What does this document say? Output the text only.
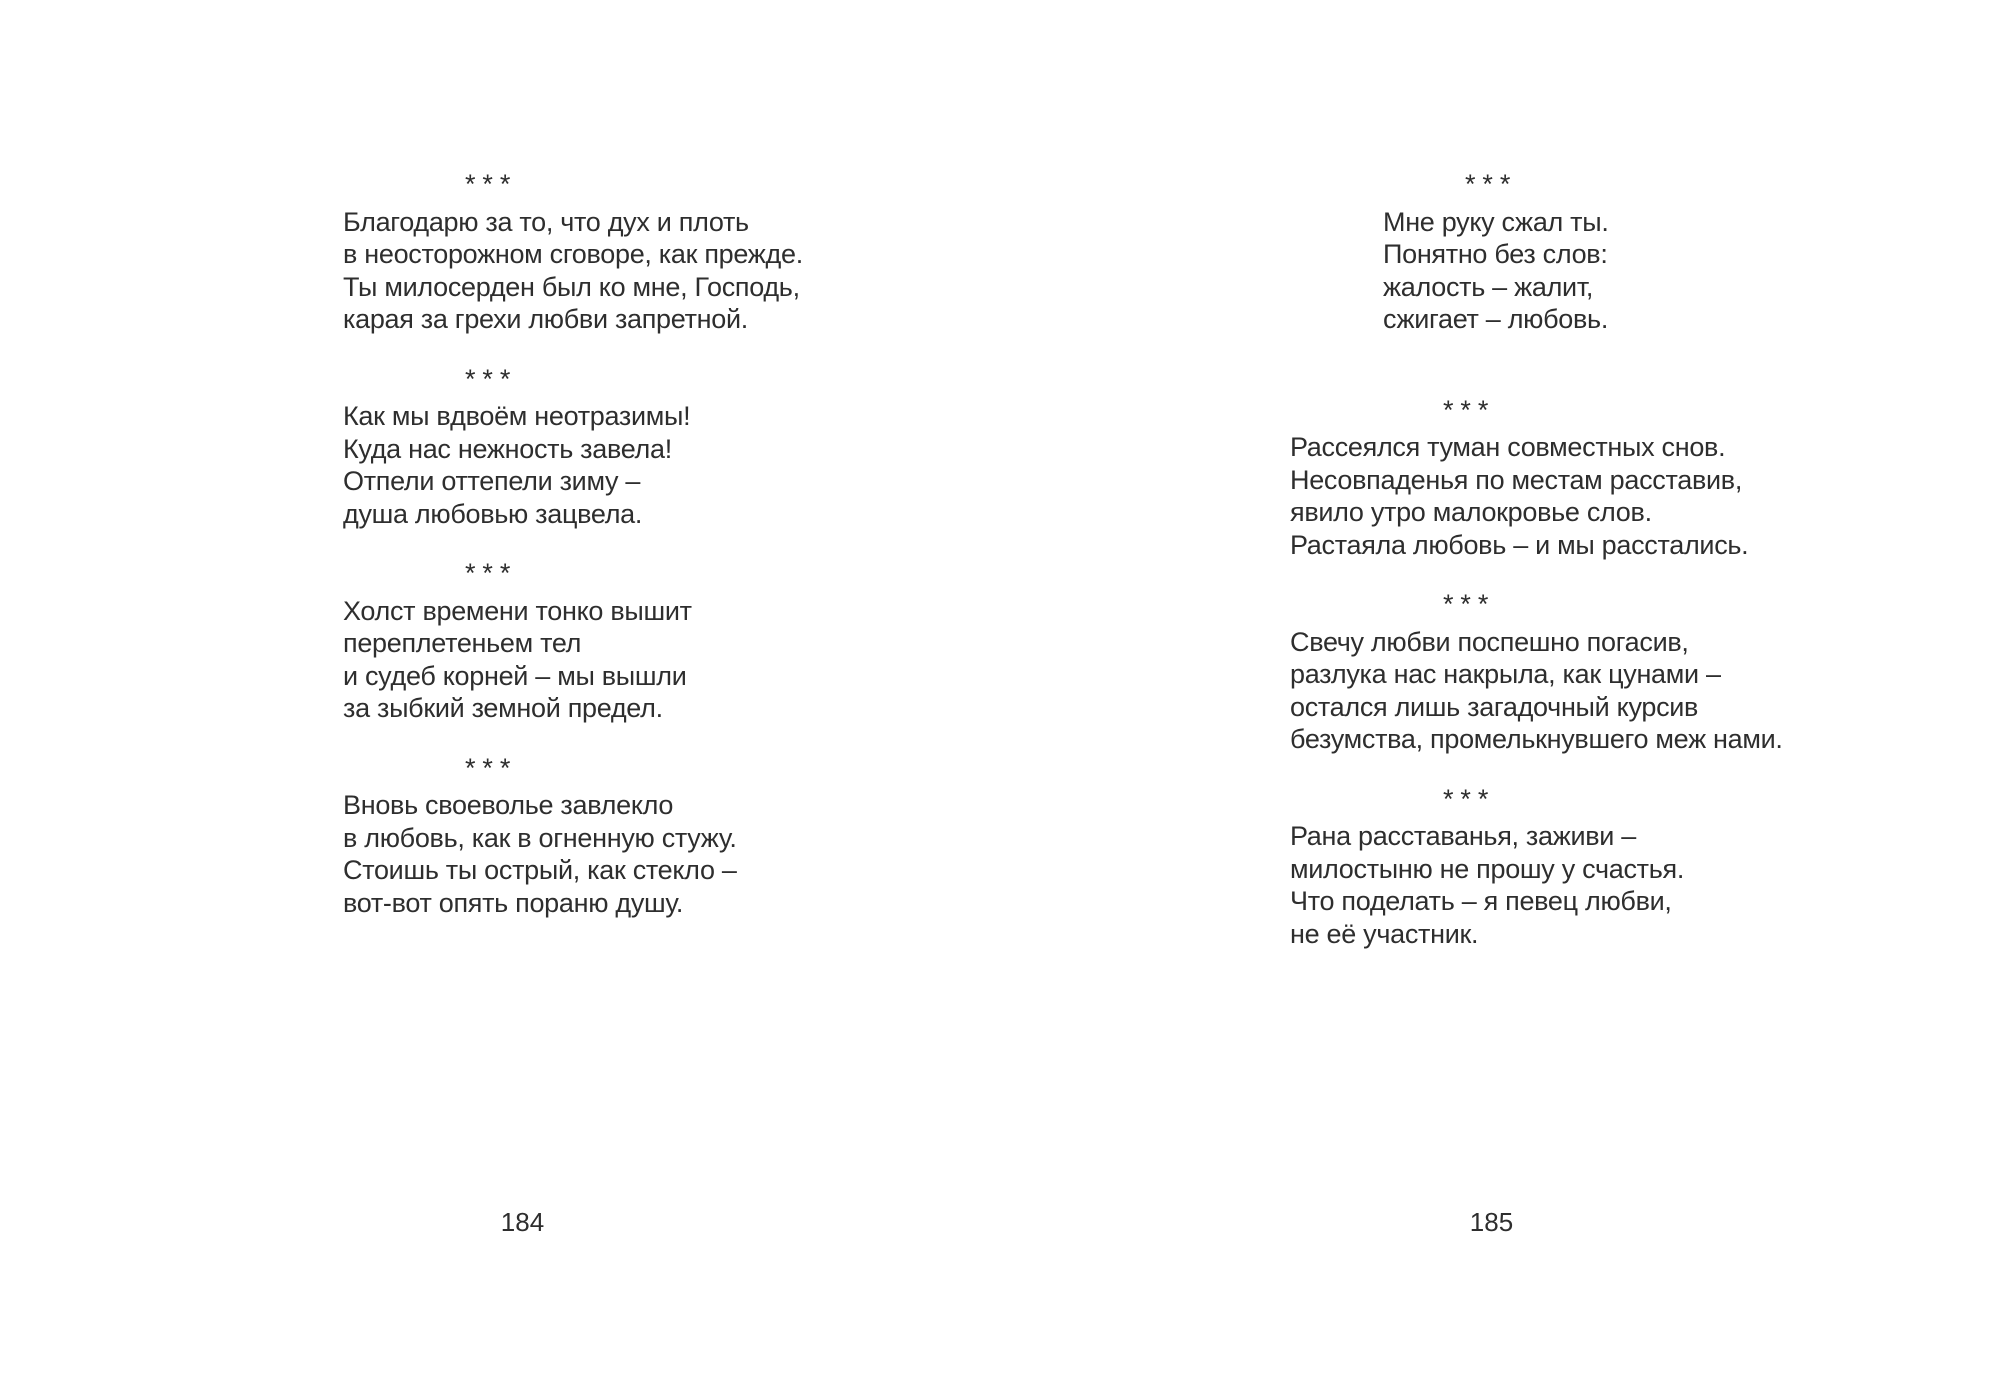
* * *
Благодарю за то, что дух и плоть
в неосторожном сговоре, как прежде.
Ты милосерден был ко мне, Господь,
карая за грехи любви запретной.
* * *
Как мы вдвоём неотразимы!
Куда нас нежность завела!
Отпели оттепели зиму –
душа любовью зацвела.
* * *
Холст времени тонко вышит
переплетеньем тел
и судеб корней – мы вышли
за зыбкий земной предел.
* * *
Вновь своеволье завлекло
в любовь, как в огненную стужу.
Стоишь ты острый, как стекло –
вот-вот опять пораню душу.
* * *
Мне руку сжал ты.
Понятно без слов:
жалость – жалит,
сжигает – любовь.
* * *
Рассеялся туман совместных снов.
Несовпаденья по местам расставив,
явило утро малокровье слов.
Растаяла любовь – и мы расстались.
* * *
Свечу любви поспешно погасив,
разлука нас накрыла, как цунами –
остался лишь загадочный курсив
безумства, промелькнувшего меж нами.
* * *
Рана расставанья, заживи –
милостыню не прошу у счастья.
Что поделать – я певец любви,
не её участник.
184	185
